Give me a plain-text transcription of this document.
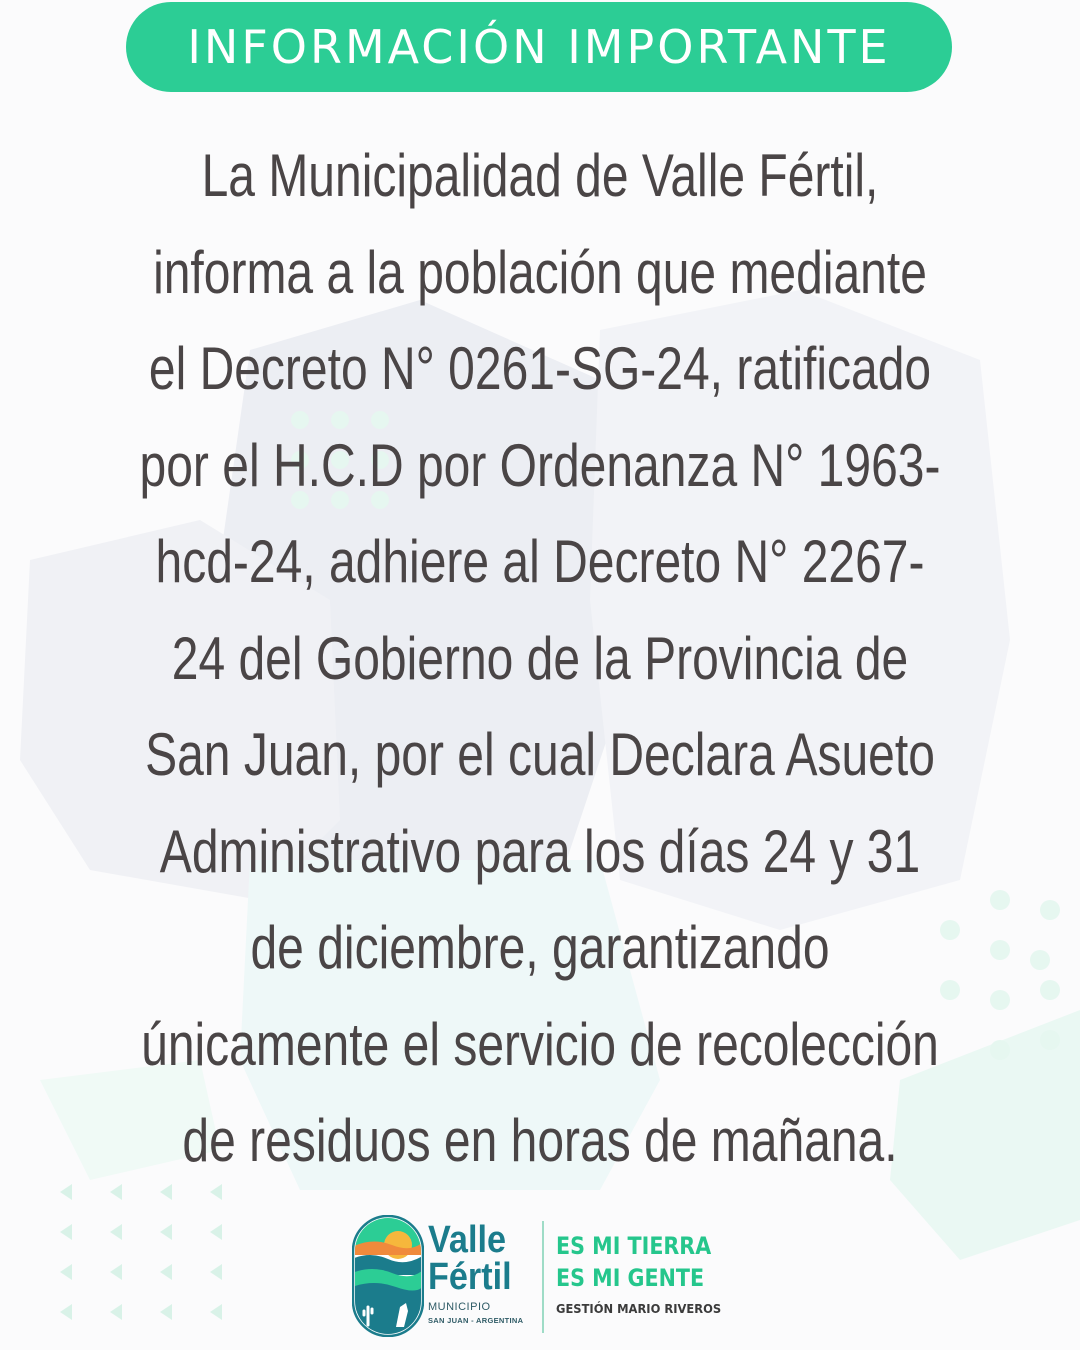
INFORMACIÓN IMPORTANTE
La Municipalidad de Valle Fértil,
informa a la población que mediante
el Decreto N° 0261-SG-24, ratificado
por el H.C.D por Ordenanza N° 1963-
hcd-24, adhiere al Decreto N° 2267-
24 del Gobierno de la Provincia de
San Juan, por el cual Declara Asueto
Administrativo para los días 24 y 31
de diciembre, garantizando
únicamente el servicio de recolección
de residuos en horas de mañana.
Valle
Fértil
MUNICIPIO
SAN JUAN - ARGENTINA
ES MI TIERRA
ES MI GENTE
GESTIÓN MARIO RIVEROS
